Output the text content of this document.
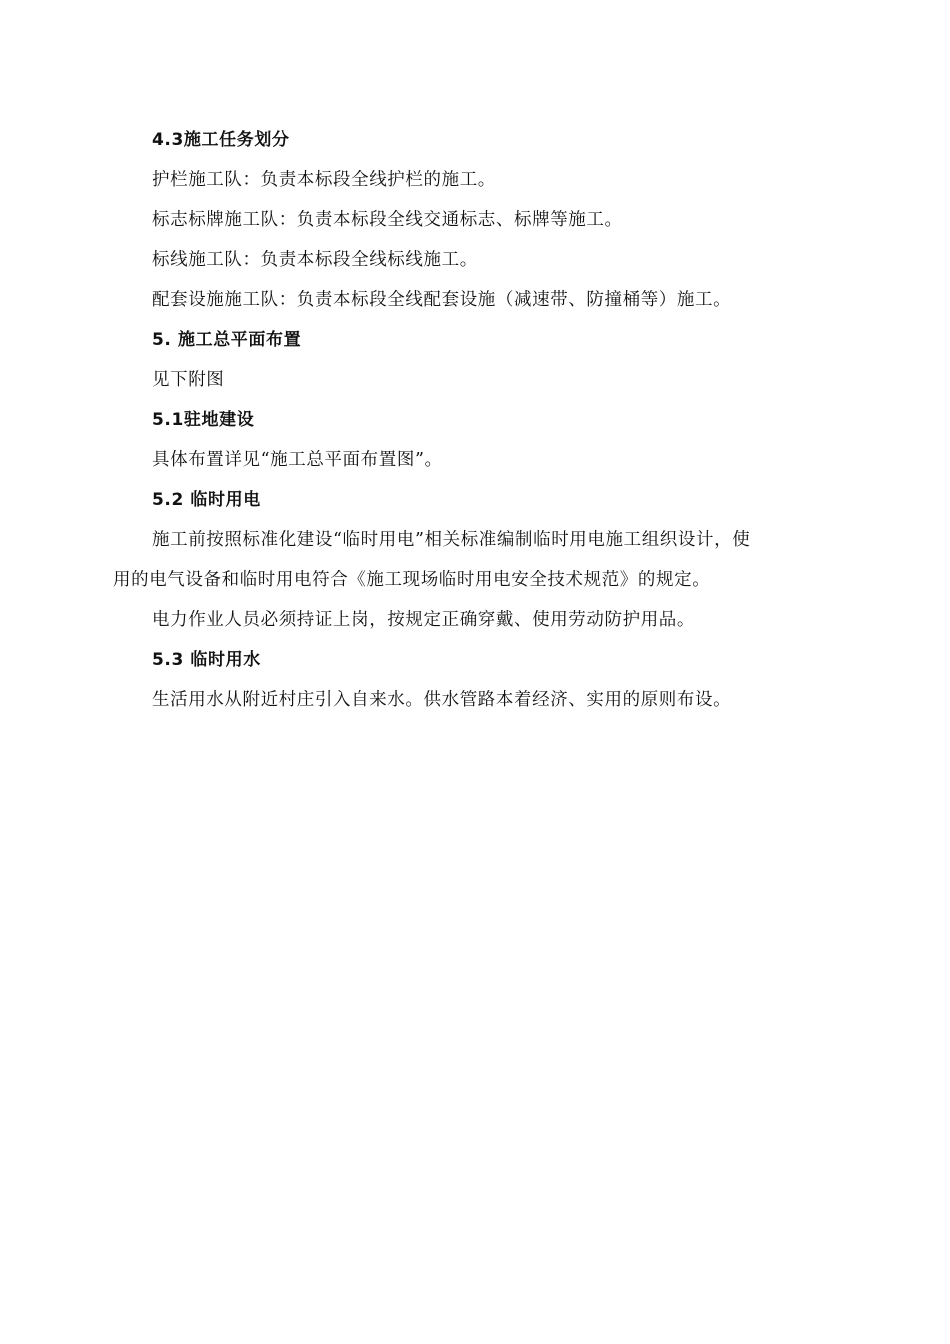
4.3施工任务划分
护栏施工队：负责本标段全线护栏的施工。
标志标牌施工队：负责本标段全线交通标志、标牌等施工。
标线施工队：负责本标段全线标线施工。
配套设施施工队：负责本标段全线配套设施（减速带、防撞桶等）施工。
5. 施工总平面布置
见下附图
5.1驻地建设
具体布置详见“施工总平面布置图”。
5.2 临时用电
施工前按照标准化建设“临时用电”相关标准编制临时用电施工组织设计，使
用的电气设备和临时用电符合《施工现场临时用电安全技术规范》的规定。
电力作业人员必须持证上岗，按规定正确穿戴、使用劳动防护用品。
5.3 临时用水
生活用水从附近村庄引入自来水。供水管路本着经济、实用的原则布设。
